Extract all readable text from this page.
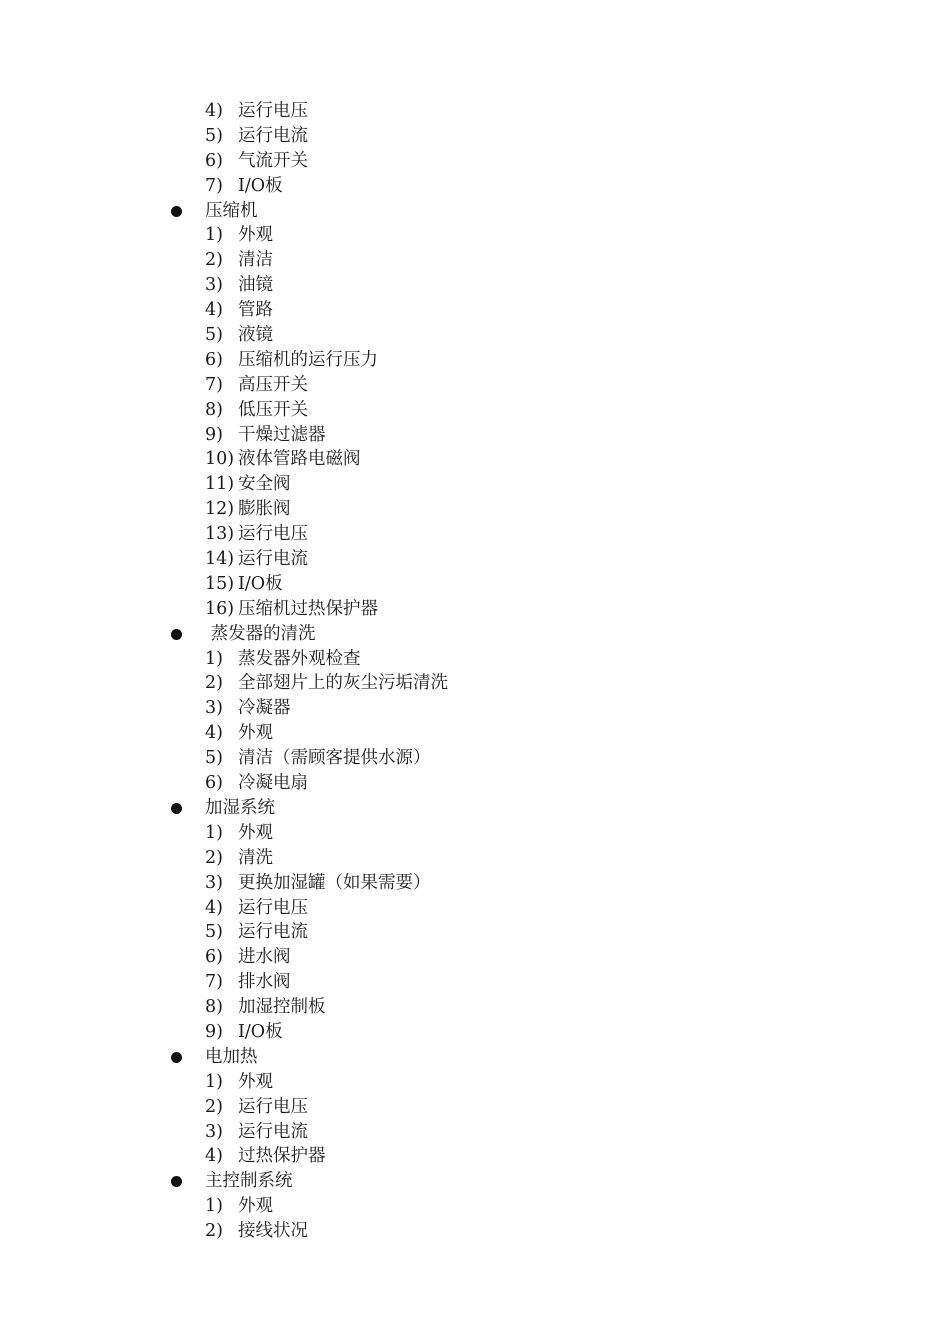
4) 运行电压
5) 运行电流
6) 气流开关
7) I/O板
压缩机
1) 外观
2) 清洁
3) 油镜
4) 管路
5) 液镜
6) 压缩机的运行压力
7) 高压开关
8) 低压开关
9) 干燥过滤器
10) 液体管路电磁阀
11) 安全阀
12) 膨胀阀
13) 运行电压
14) 运行电流
15) I/O板
16) 压缩机过热保护器
蒸发器的清洗
1) 蒸发器外观检查
2) 全部翅片上的灰尘污垢清洗
3) 冷凝器
4) 外观
5) 清洁（需顾客提供水源）
6) 冷凝电扇
加湿系统
1) 外观
2) 清洗
3) 更换加湿罐（如果需要）
4) 运行电压
5) 运行电流
6) 进水阀
7) 排水阀
8) 加湿控制板
9) I/O板
电加热
1) 外观
2) 运行电压
3) 运行电流
4) 过热保护器
主控制系统
1) 外观
2) 接线状况
